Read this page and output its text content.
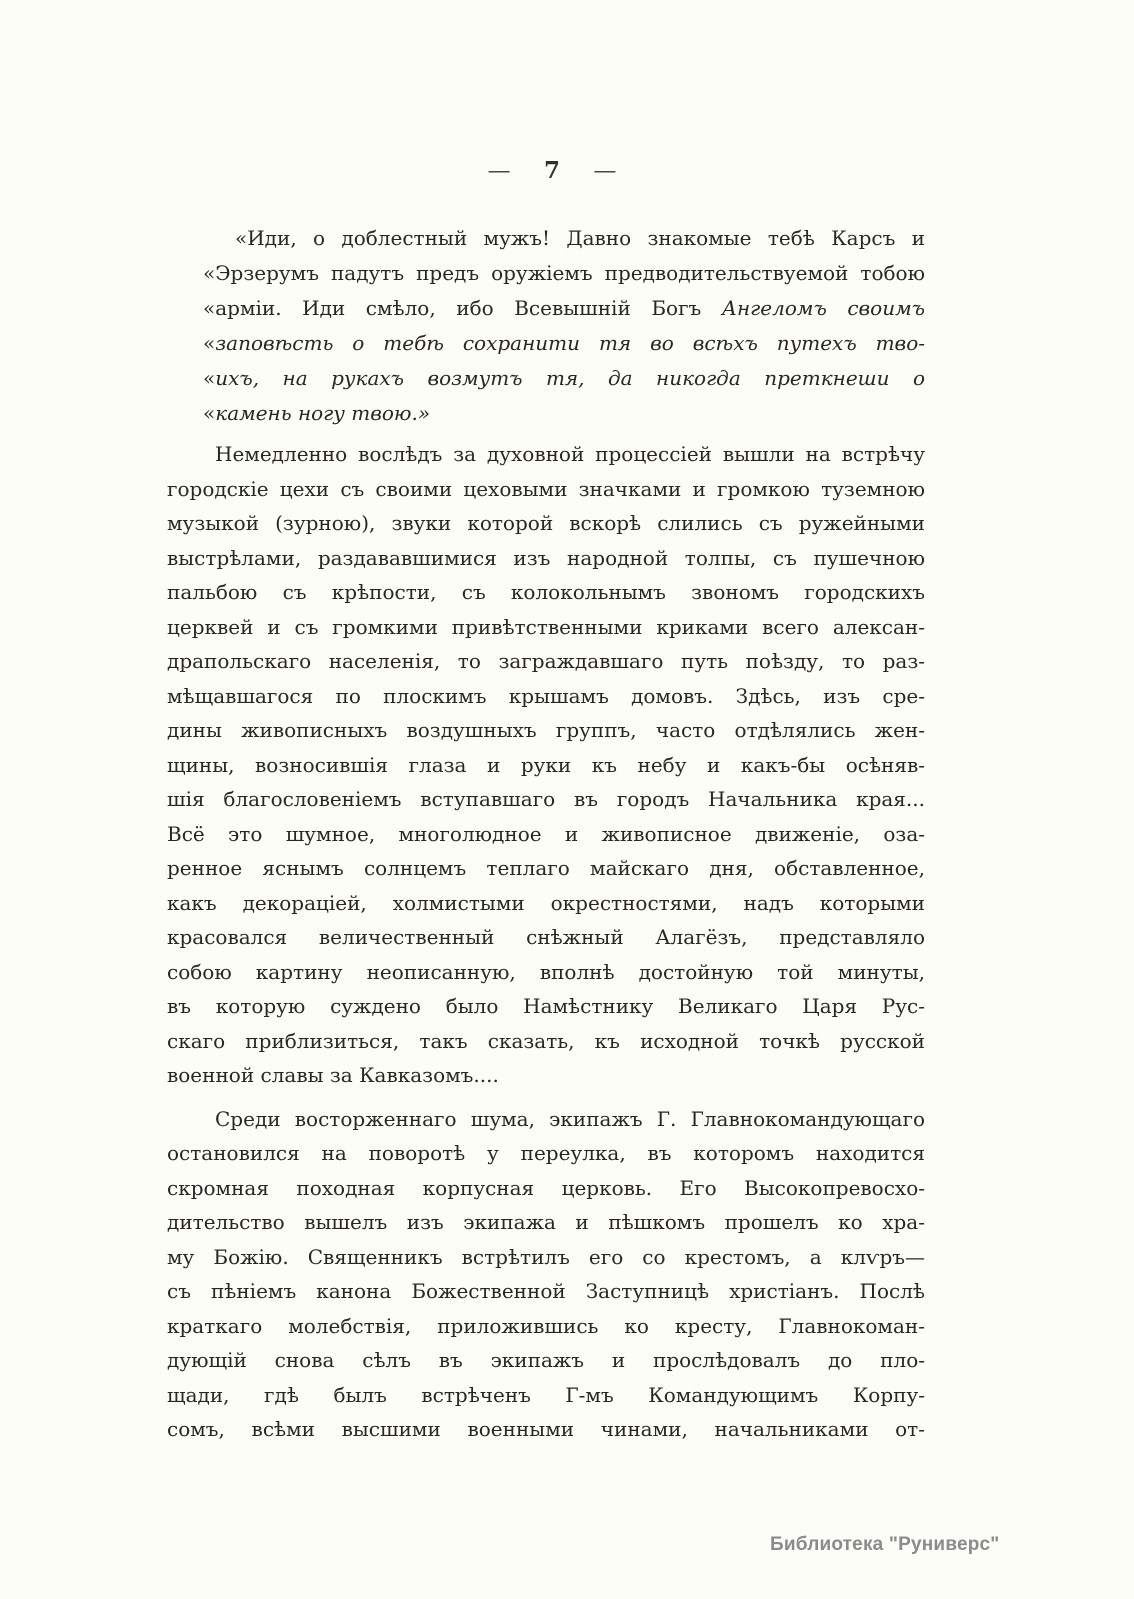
— 7 —
«Иди, о доблестный мужъ! Давно знакомые тебѣ Карсъ и
«Эрзерумъ падутъ предъ оружіемъ предводительствуемой тобою
«арміи. Иди смѣло, ибо Всевышній Богъ Ангеломъ своимъ
«заповѣсть о тебѣ сохранити тя во всѣхъ путехъ тво-
«ихъ, на рукахъ возмутъ тя, да никогда преткнеши о
«камень ногу твою.»
Немедленно вослѣдъ за духовной процессіей вышли на встрѣчу
городскіе цехи съ своими цеховыми значками и громкою туземною
музыкой (зурною), звуки которой вскорѣ слились съ ружейными
выстрѣлами, раздававшимися изъ народной толпы, съ пушечною
пальбою съ крѣпости, съ колокольнымъ звономъ городскихъ
церквей и съ громкими привѣтственными криками всего алексан-
драпольскаго населенія, то заграждавшаго путь поѣзду, то раз-
мѣщавшагося по плоскимъ крышамъ домовъ. Здѣсь, изъ сре-
дины живописныхъ воздушныхъ группъ, часто отдѣлялись жен-
щины, возносившія глаза и руки къ небу и какъ-бы осѣняв-
шія благословеніемъ вступавшаго въ городъ Начальника края...
Всё это шумное, многолюдное и живописное движеніе, оза-
ренное яснымъ солнцемъ теплаго майскаго дня, обставленное,
какъ декораціей, холмистыми окрестностями, надъ которыми
красовался величественный снѣжный Алагёзъ, представляло
собою картину неописанную, вполнѣ достойную той минуты,
въ которую суждено было Намѣстнику Великаго Царя Рус-
скаго приблизиться, такъ сказать, къ исходной точкѣ русской
военной славы за Кавказомъ....
Среди восторженнаго шума, экипажъ Г. Главнокомандующаго
остановился на поворотѣ у переулка, въ которомъ находится
скромная походная корпусная церковь. Его Высокопревосхо-
дительство вышелъ изъ экипажа и пѣшкомъ прошелъ ко хра-
му Божію. Священникъ встрѣтилъ его со крестомъ, а клѵръ—
съ пѣніемъ канона Божественной Заступницѣ христіанъ. Послѣ
краткаго молебствія, приложившись ко кресту, Главнокоман-
дующій снова сѣлъ въ экипажъ и прослѣдовалъ до пло-
щади, гдѣ былъ встрѣченъ Г-мъ Командующимъ Корпу-
сомъ, всѣми высшими военными чинами, начальниками от-
Библиотека "Руниверс"
